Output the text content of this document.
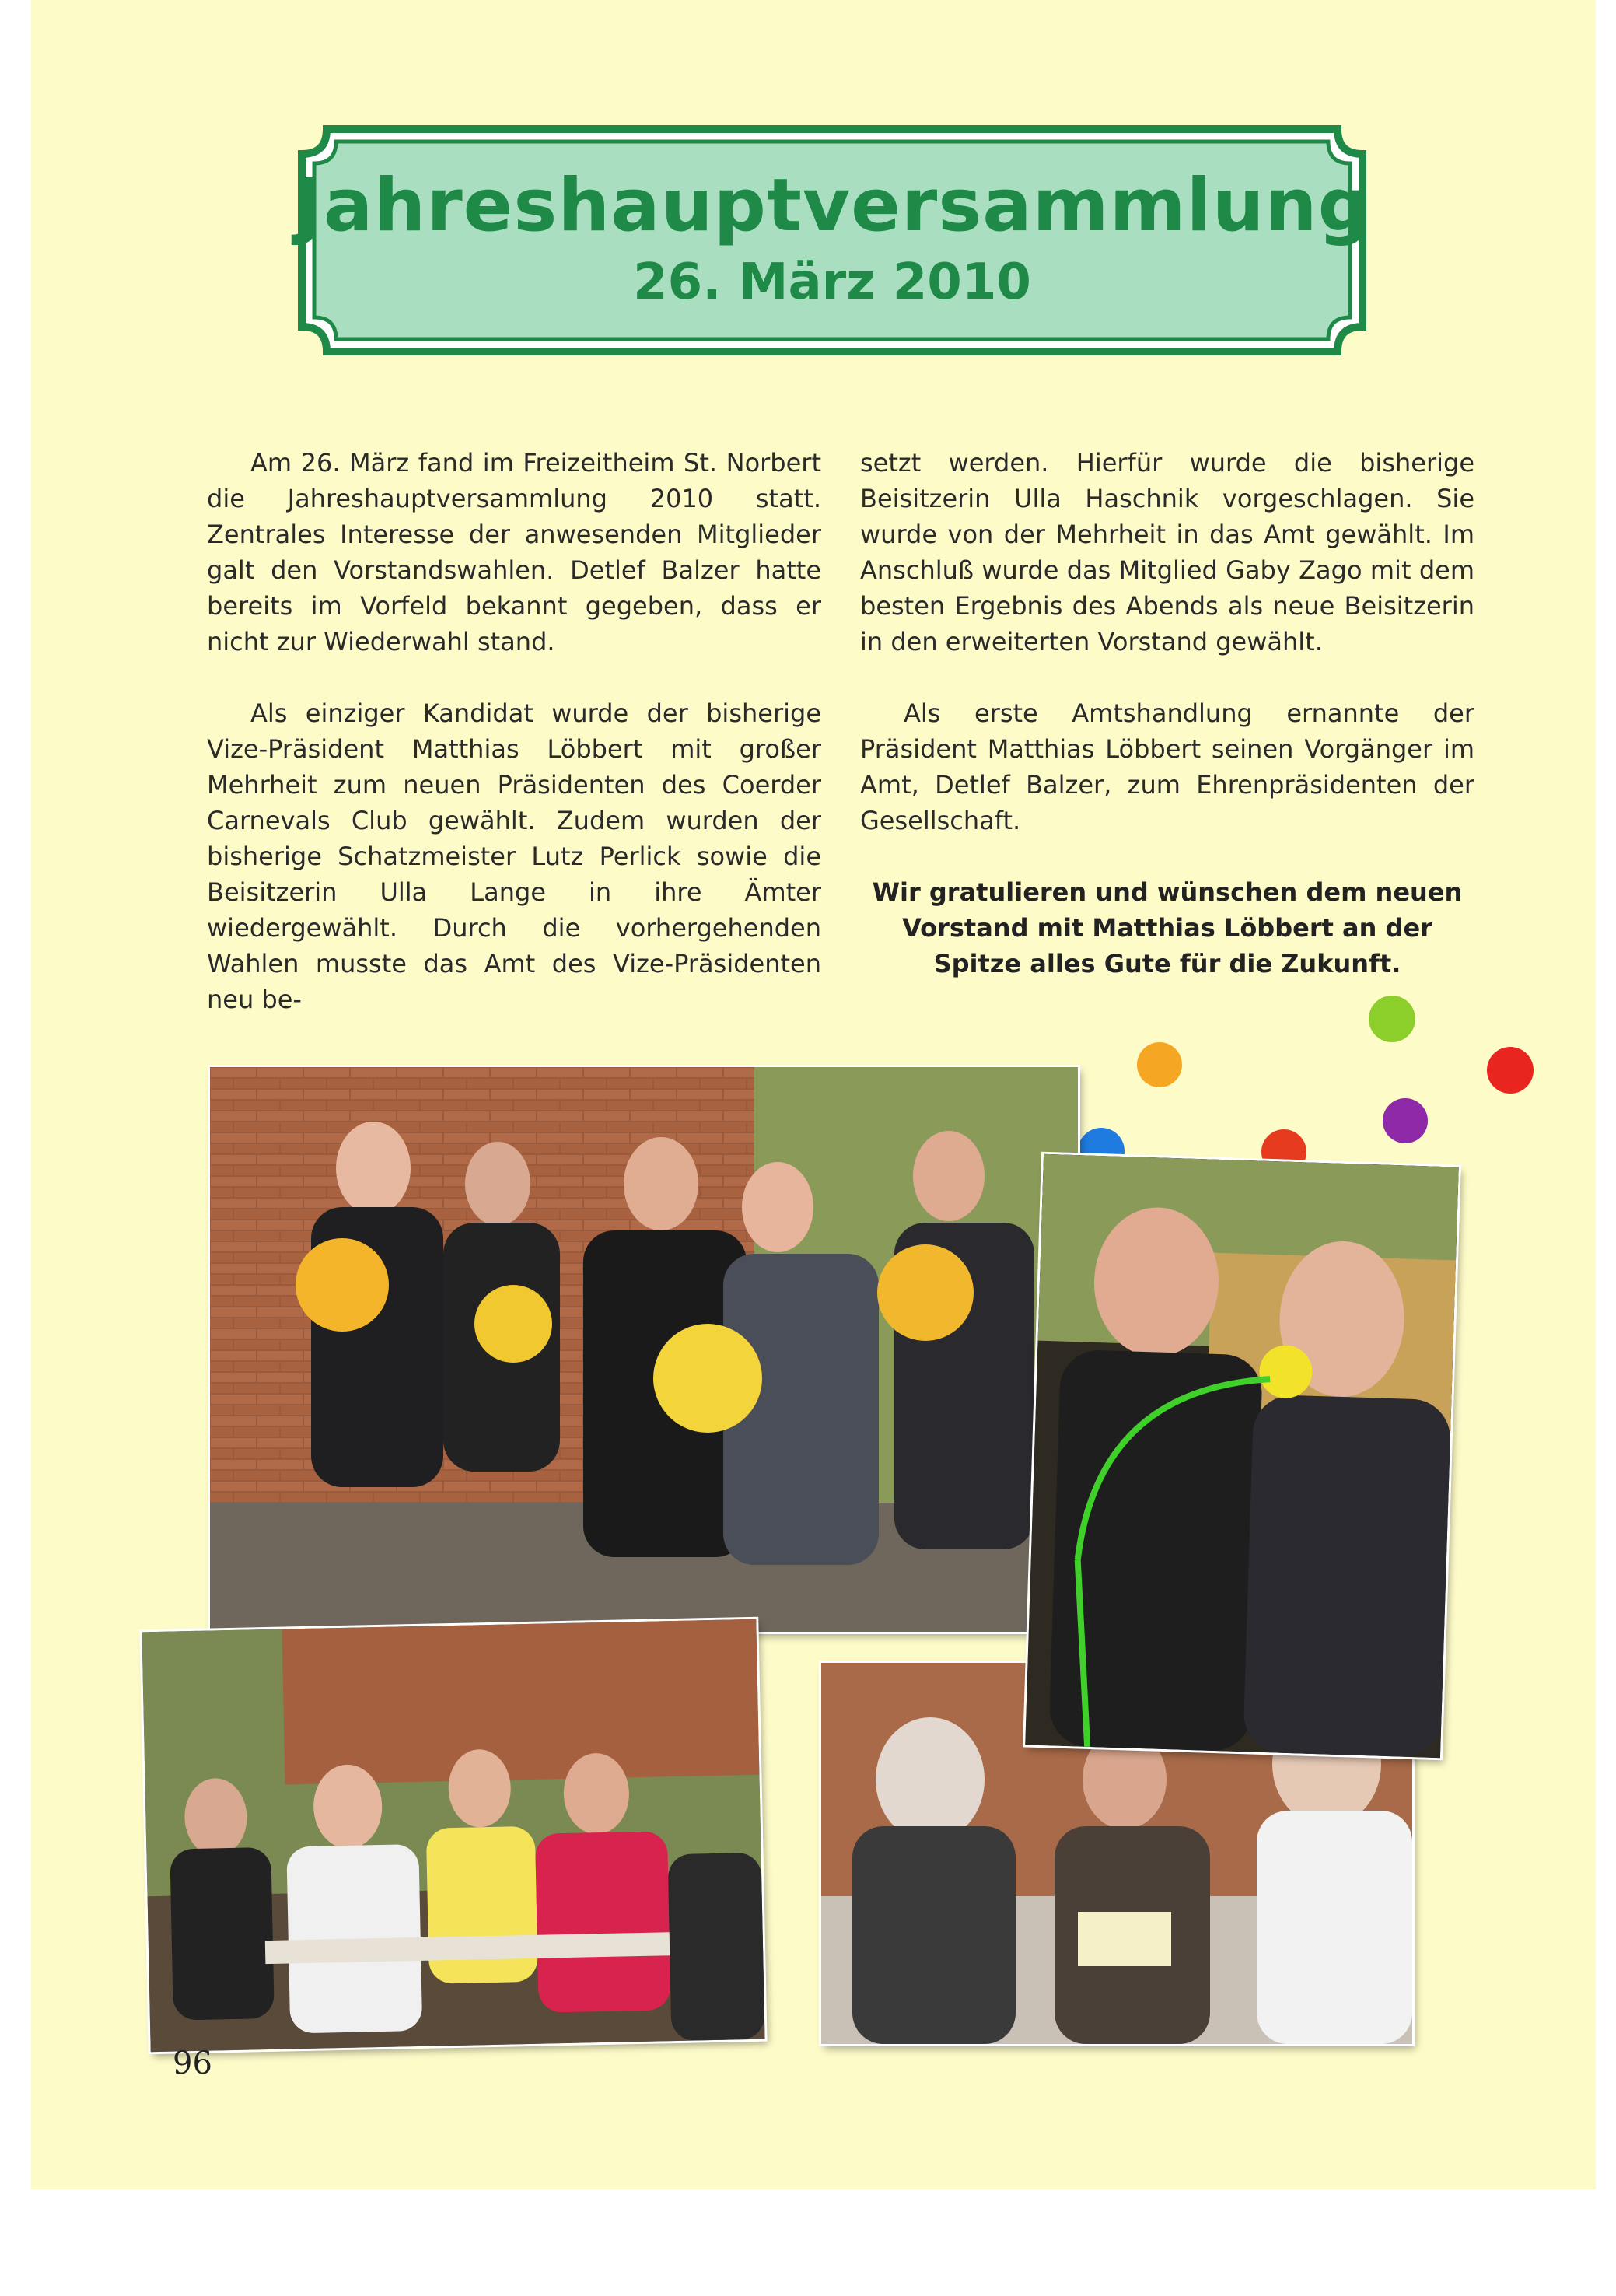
Jahreshauptversammlung
26. März 2010

Am 26. März fand im Freizeitheim St. Norbert die Jahreshauptversammlung 2010 statt. Zentrales Interesse der anwesenden Mitglieder galt den Vorstandswahlen. Detlef Balzer hatte bereits im Vorfeld bekannt gegeben, dass er nicht zur Wiederwahl stand.

Als einziger Kandidat wurde der bisherige Vize-Präsident Matthias Löbbert mit großer Mehrheit zum neuen Präsidenten des Coerder Carnevals Club gewählt. Zudem wurden der bisherige Schatzmeister Lutz Perlick sowie die Beisitzerin Ulla Lange in ihre Ämter wiedergewählt. Durch die vorhergehenden Wahlen musste das Amt des Vize-Präsidenten neu be-

setzt werden. Hierfür wurde die bisherige Beisitzerin Ulla Haschnik vorgeschlagen. Sie wurde von der Mehrheit in das Amt gewählt. Im Anschluß wurde das Mitglied Gaby Zago mit dem besten Ergebnis des Abends als neue Beisitzerin in den erweiterten Vorstand gewählt.

Als erste Amtshandlung ernannte der Präsident Matthias Löbbert seinen Vorgänger im Amt, Detlef Balzer, zum Ehrenpräsidenten der Gesellschaft.

Wir gratulieren und wünschen dem neuen Vorstand mit Matthias Löbbert an der Spitze alles Gute für die Zukunft.

96
